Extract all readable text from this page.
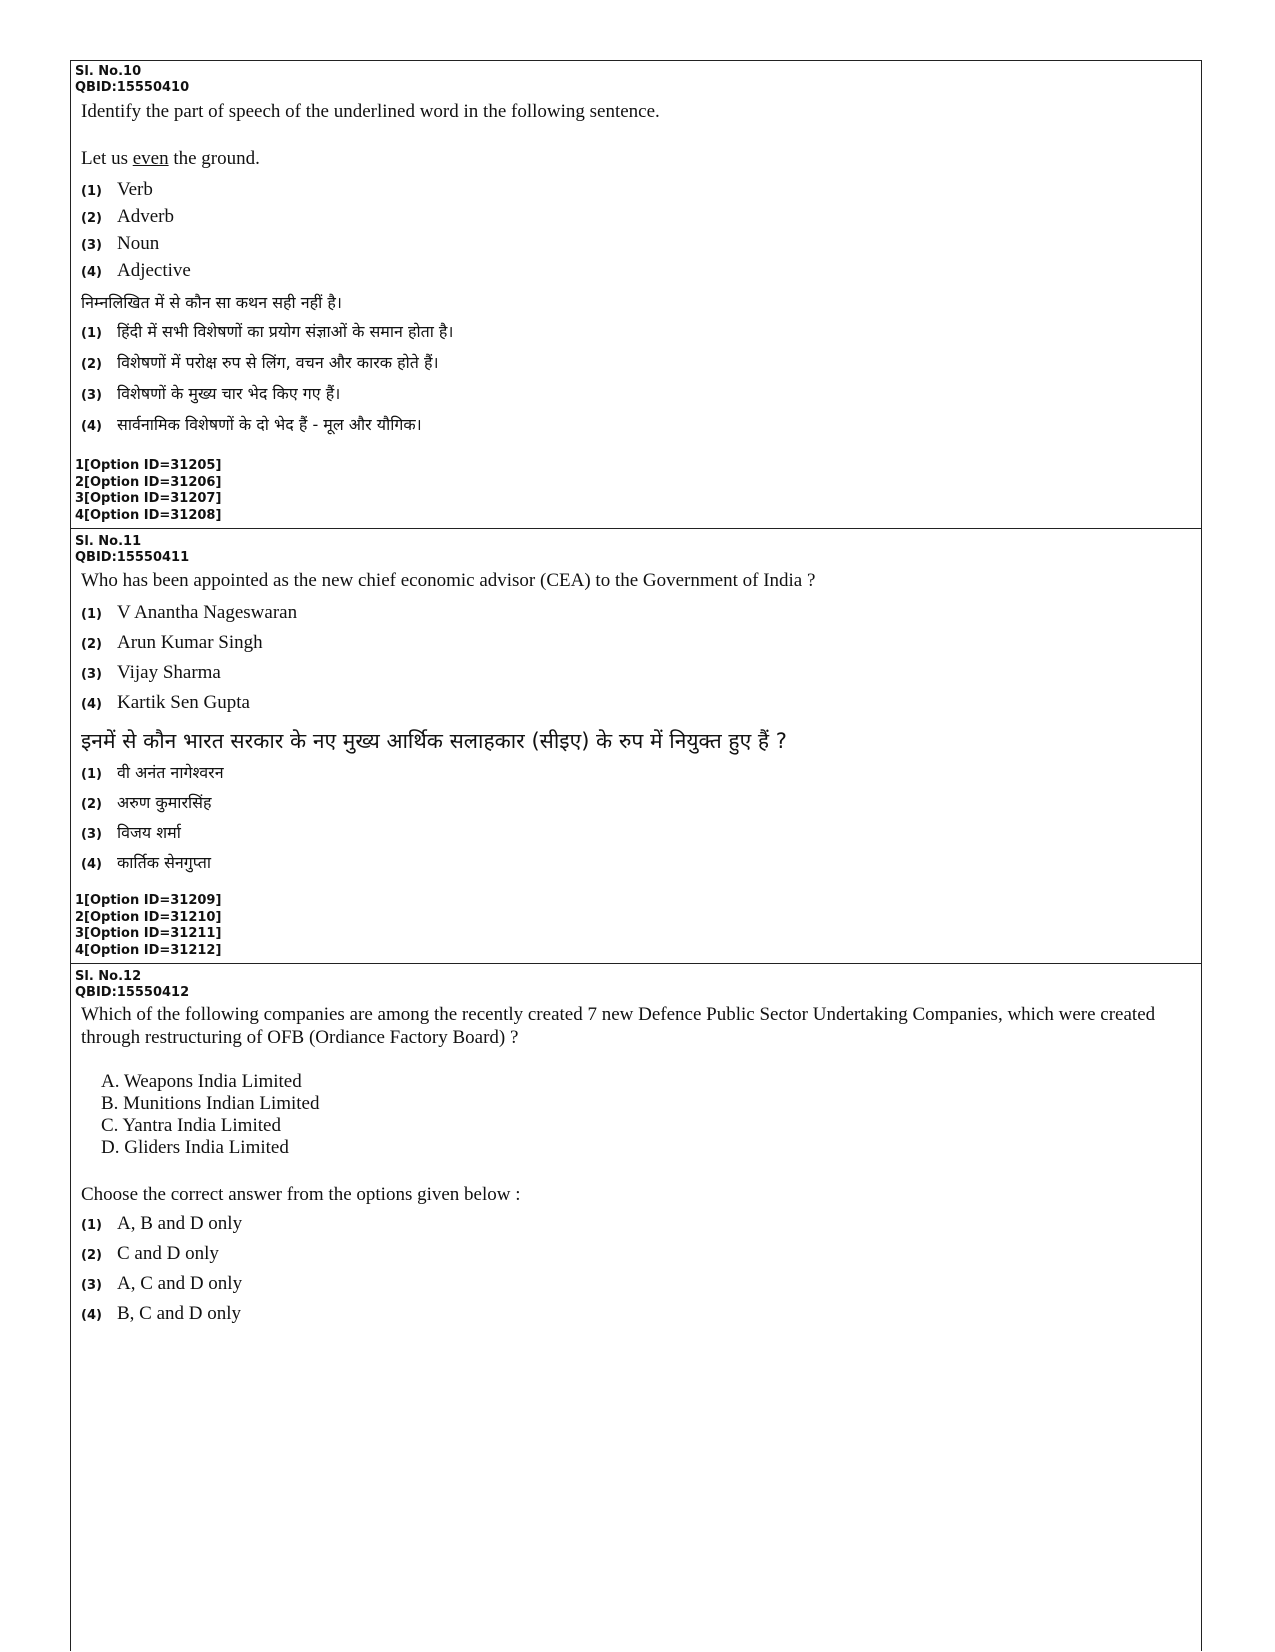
Sl. No.10
QBID:15550410
Identify the part of speech of the underlined word in the following sentence.
Let us even the ground.
(1) Verb
(2) Adverb
(3) Noun
(4) Adjective
निम्नलिखित में से कौन सा कथन सही नहीं है।
(1) हिंदी में सभी विशेषणों का प्रयोग संज्ञाओं के समान होता है।
(2) विशेषणों में परोक्ष रुप से लिंग, वचन और कारक होते हैं।
(3) विशेषणों के मुख्य चार भेद किए गए हैं।
(4) सार्वनामिक विशेषणों के दो भेद हैं - मूल और यौगिक।
1[Option ID=31205]
2[Option ID=31206]
3[Option ID=31207]
4[Option ID=31208]
Sl. No.11
QBID:15550411
Who has been appointed as the new chief economic advisor (CEA) to the Government of India ?
(1) V Anantha Nageswaran
(2) Arun Kumar Singh
(3) Vijay Sharma
(4) Kartik Sen Gupta
इनमें से कौन भारत सरकार के नए मुख्य आर्थिक सलाहकार (सीइए) के रुप में नियुक्त हुए हैं ?
(1) वी अनंत नागेश्वरन
(2) अरुण कुमारसिंह
(3) विजय शर्मा
(4) कार्तिक सेनगुप्ता
1[Option ID=31209]
2[Option ID=31210]
3[Option ID=31211]
4[Option ID=31212]
Sl. No.12
QBID:15550412
Which of the following companies are among the recently created 7 new Defence Public Sector Undertaking Companies, which were created through restructuring of OFB (Ordiance Factory Board) ?
A. Weapons India Limited
B. Munitions Indian Limited
C. Yantra India Limited
D. Gliders India Limited
Choose the correct answer from the options given below :
(1) A, B and D only
(2) C and D only
(3) A, C and D only
(4) B, C and D only
